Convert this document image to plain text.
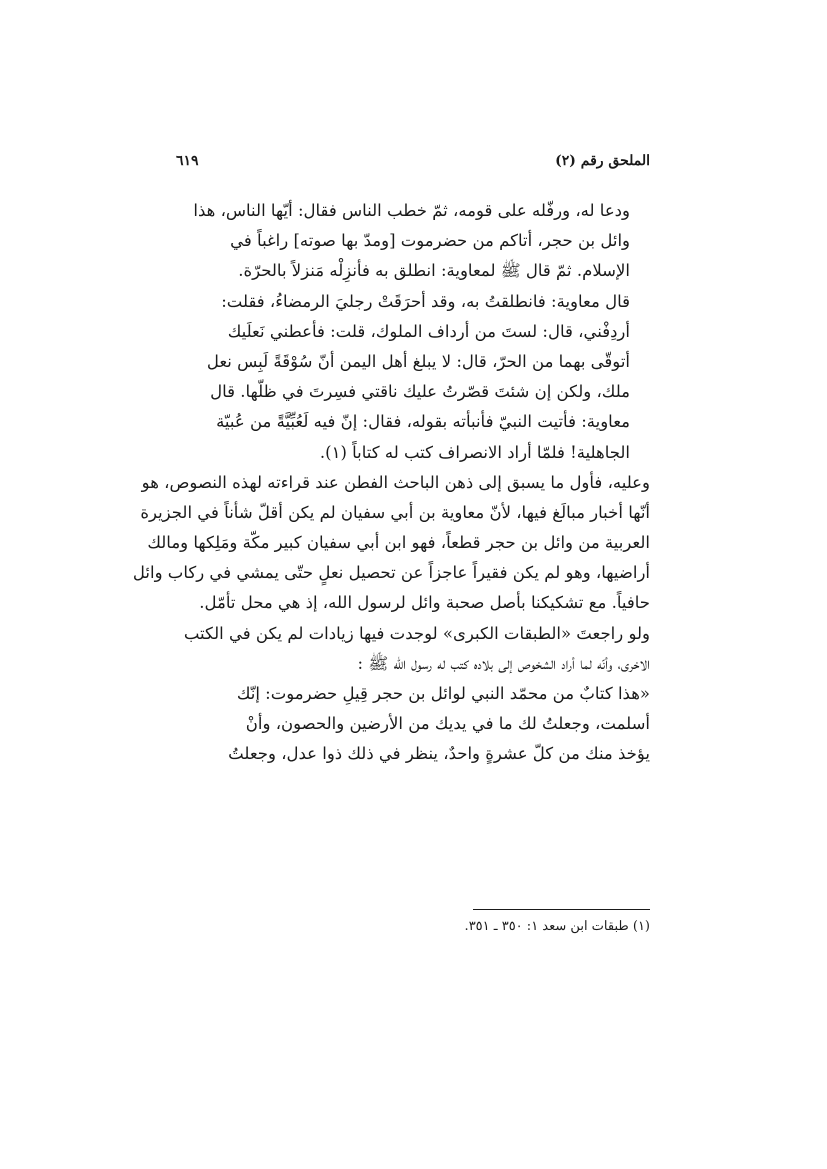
الملحق رقم (٢)
٦١٩
ودعا له، ورفّله على قومه، ثمّ خطب الناس فقال: أيّها الناس، هذا
وائل بن حجر، أتاكم من حضرموت [ومدّ بها صوته] راغباً في
الإسلام. ثمّ قال ﷺ لمعاوية: انطلق به فأنزِلْه مَنزلاً بالحرّة.
قال معاوية: فانطلقتُ به، وقد أحرَقَتْ رجليَ الرمضاءُ، فقلت:
أردِفْني، قال: لستَ من أرداف الملوك، قلت: فأعطني نَعلَيك
أتوقّى بهما من الحرّ، قال: لا يبلغ أهل اليمن أنّ سُوْقَةً لَبِس نعل
ملك، ولكن إن شئتَ قصّرتُ عليك ناقتي فسِرتَ في ظلّها. قال
معاوية: فأتيت النبيّ فأنبأته بقوله، فقال: إنّ فيه لَعُبِّيَّةً من عُبيّة
الجاهلية! فلمّا أراد الانصراف كتب له كتاباً (١).
وعليه، فأول ما يسبق إلى ذهن الباحث الفطن عند قراءته لهذه النصوص، هو
أنّها أخبار مبالَغ فيها، لأنّ معاوية بن أبي سفيان لم يكن أقلّ شأناً في الجزيرة
العربية من وائل بن حجر قطعاً، فهو ابن أبي سفيان كبير مكّة ومَلِكها ومالك
أراضيها، وهو لم يكن فقيراً عاجزاً عن تحصيل نعلٍ حتّى يمشي في ركاب وائل
حافياً. مع تشكيكنا بأصل صحبة وائل لرسول الله، إذ هي محل تأمّل.
ولو راجعتَ «الطبقات الكبرى» لوجدت فيها زيادات لم يكن في الكتب
الاخرى، وأنّه لما أراد الشخوص إلى بلاده كتب له رسول الله ﷺ :
«هذا كتابٌ من محمّد النبي لوائل بن حجر قِيلِ حضرموت: إنّك
أسلمت، وجعلتُ لك ما في يديك من الأرضين والحصون، وأنْ
يؤخذ منك من كلّ عشرةٍ واحدٌ، ينظر في ذلك ذوا عدل، وجعلتُ
(١) طبقات ابن سعد ١: ٣٥٠ ـ ٣٥١.
